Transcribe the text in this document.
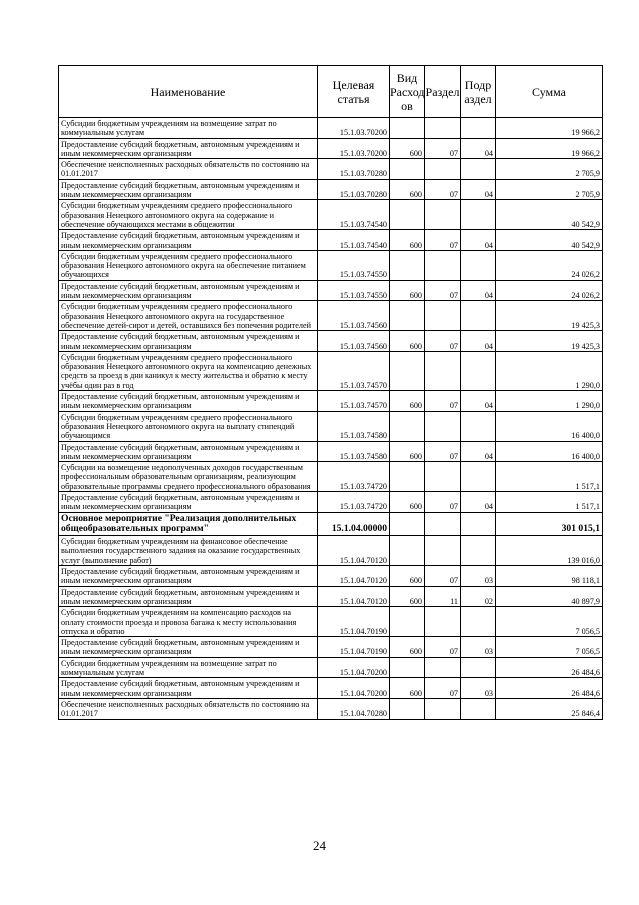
Наименование	Целевая статья	Вид Расход ов	Раздел	Подр аздел	Сумма
Субсидии бюджетным учреждениям на возмещение затрат по коммунальным услугам	15.1.03.70200				19 966,2
Предоставление субсидий бюджетным, автономным учреждениям и иным некоммерческим организациям	15.1.03.70200	600	07	04	19 966,2
Обеспечение неисполненных расходных обязательств по состоянию на 01.01.2017	15.1.03.70280				2 705,9
Предоставление субсидий бюджетным, автономным учреждениям и иным некоммерческим организациям	15.1.03.70280	600	07	04	2 705,9
Субсидии бюджетным учреждениям среднего профессионального образования Ненецкого автономного округа на содержание и обеспечение обучающихся местами в общежитии	15.1.03.74540				40 542,9
Предоставление субсидий бюджетным, автономным учреждениям и иным некоммерческим организациям	15.1.03.74540	600	07	04	40 542,9
Субсидии бюджетным учреждениям среднего профессионального образования Ненецкого автономного округа на обеспечение питанием обучающихся	15.1.03.74550				24 026,2
Предоставление субсидий бюджетным, автономным учреждениям и иным некоммерческим организациям	15.1.03.74550	600	07	04	24 026,2
Субсидии бюджетным учреждениям среднего профессионального образования Ненецкого автономного округа на государственное обеспечение детей-сирот и детей, оставшихся без попечения родителей	15.1.03.74560				19 425,3
Предоставление субсидий бюджетным, автономным учреждениям и иным некоммерческим организациям	15.1.03.74560	600	07	04	19 425,3
Субсидии бюджетным учреждениям среднего профессионального образования Ненецкого автономного округа на компенсацию денежных средств за проезд в дни каникул к месту жительства и обратно к месту учёбы один раз в год	15.1.03.74570				1 290,0
Предоставление субсидий бюджетным, автономным учреждениям и иным некоммерческим организациям	15.1.03.74570	600	07	04	1 290,0
Субсидии бюджетным учреждениям среднего профессионального образования Ненецкого автономного округа на выплату стипендий обучающимся	15.1.03.74580				16 400,0
Предоставление субсидий бюджетным, автономным учреждениям и иным некоммерческим организациям	15.1.03.74580	600	07	04	16 400,0
Субсидии на возмещение недополученных доходов государственным профессиональным образовательным организациям, реализующим образовательные программы среднего профессионального образования	15.1.03.74720				1 517,1
Предоставление субсидий бюджетным, автономным учреждениям и иным некоммерческим организациям	15.1.03.74720	600	07	04	1 517,1
Основное мероприятие "Реализация дополнительных общеобразовательных программ"	15.1.04.00000				301 015,1
Субсидии бюджетным учреждениям на финансовое обеспечение выполнения государственного задания на оказание государственных услуг (выполнение работ)	15.1.04.70120				139 016,0
Предоставление субсидий бюджетным, автономным учреждениям и иным некоммерческим организациям	15.1.04.70120	600	07	03	98 118,1
Предоставление субсидий бюджетным, автономным учреждениям и иным некоммерческим организациям	15.1.04.70120	600	11	02	40 897,9
Субсидии бюджетным учреждениям на компенсацию расходов на оплату стоимости проезда и провоза багажа к месту использования отпуска и обратно	15.1.04.70190				7 056,5
Предоставление субсидий бюджетным, автономным учреждениям и иным некоммерческим организациям	15.1.04.70190	600	07	03	7 056,5
Субсидии бюджетным учреждениям на возмещение затрат по коммунальным услугам	15.1.04.70200				26 484,6
Предоставление субсидий бюджетным, автономным учреждениям и иным некоммерческим организациям	15.1.04.70200	600	07	03	26 484,6
Обеспечение неисполненных расходных обязательств по состоянию на 01.01.2017	15.1.04.70280				25 846,4
24
